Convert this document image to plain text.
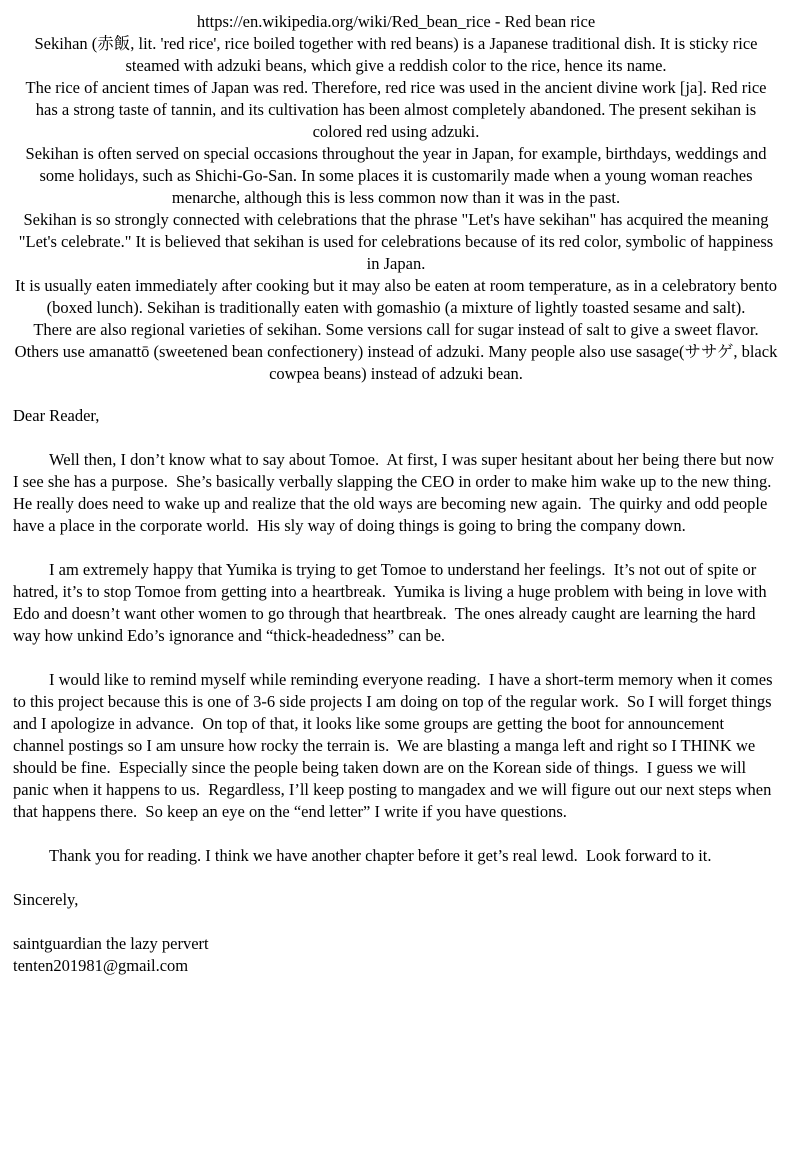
https://en.wikipedia.org/wiki/Red_bean_rice - Red bean rice

Sekihan (赤飯, lit. 'red rice', rice boiled together with red beans) is a Japanese traditional dish. It is sticky rice steamed with adzuki beans, which give a reddish color to the rice, hence its name.

The rice of ancient times of Japan was red. Therefore, red rice was used in the ancient divine work [ja]. Red rice has a strong taste of tannin, and its cultivation has been almost completely abandoned. The present sekihan is colored red using adzuki.

Sekihan is often served on special occasions throughout the year in Japan, for example, birthdays, weddings and some holidays, such as Shichi-Go-San. In some places it is customarily made when a young woman reaches menarche, although this is less common now than it was in the past.

Sekihan is so strongly connected with celebrations that the phrase "Let's have sekihan" has acquired the meaning "Let's celebrate." It is believed that sekihan is used for celebrations because of its red color, symbolic of happiness in Japan.

It is usually eaten immediately after cooking but it may also be eaten at room temperature, as in a celebratory bento (boxed lunch). Sekihan is traditionally eaten with gomashio (a mixture of lightly toasted sesame and salt).

There are also regional varieties of sekihan. Some versions call for sugar instead of salt to give a sweet flavor. Others use amanattō (sweetened bean confectionery) instead of adzuki. Many people also use sasage(ササゲ, black cowpea beans) instead of adzuki bean.

Dear Reader,

Well then, I don’t know what to say about Tomoe.  At first, I was super hesitant about her being there but now I see she has a purpose.  She’s basically verbally slapping the CEO in order to make him wake up to the new thing.  He really does need to wake up and realize that the old ways are becoming new again.  The quirky and odd people have a place in the corporate world.  His sly way of doing things is going to bring the company down.

I am extremely happy that Yumika is trying to get Tomoe to understand her feelings.  It’s not out of spite or hatred, it’s to stop Tomoe from getting into a heartbreak.  Yumika is living a huge problem with being in love with Edo and doesn’t want other women to go through that heartbreak.  The ones already caught are learning the hard way how unkind Edo’s ignorance and “thick-headedness” can be.

I would like to remind myself while reminding everyone reading.  I have a short-term memory when it comes to this project because this is one of 3-6 side projects I am doing on top of the regular work.  So I will forget things and I apologize in advance.  On top of that, it looks like some groups are getting the boot for announcement channel postings so I am unsure how rocky the terrain is.  We are blasting a manga left and right so I THINK we should be fine.  Especially since the people being taken down are on the Korean side of things.  I guess we will panic when it happens to us.  Regardless, I’ll keep posting to mangadex and we will figure out our next steps when that happens there.  So keep an eye on the “end letter” I write if you have questions.

Thank you for reading. I think we have another chapter before it get’s real lewd.  Look forward to it.

Sincerely,

saintguardian the lazy pervert

tenten201981@gmail.com
